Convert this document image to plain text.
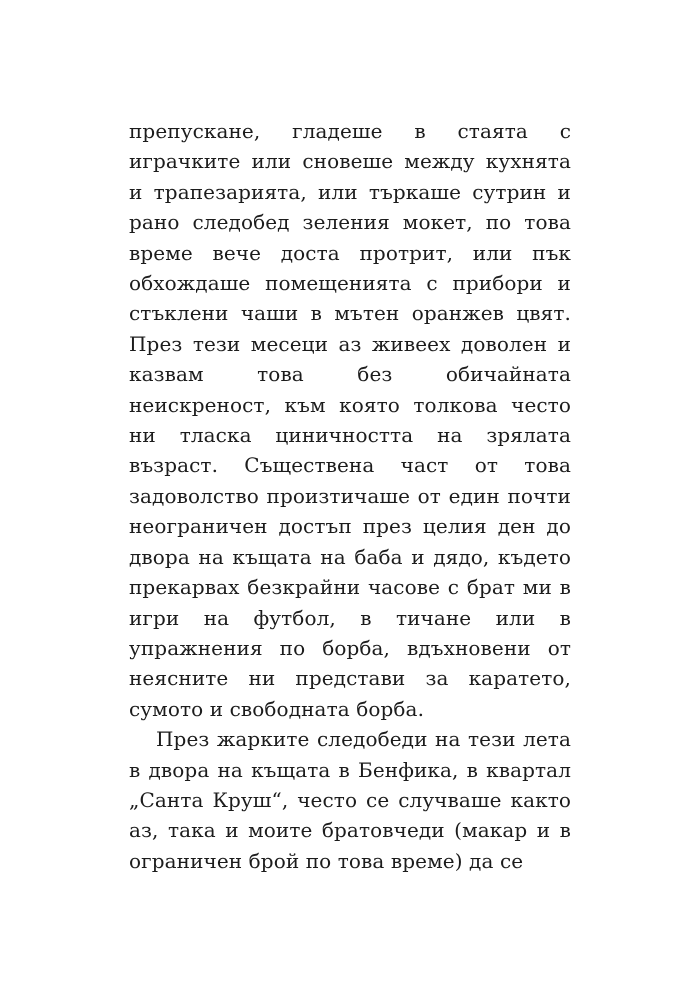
препускане, гладеше в стаята с играчките или сновеше между кухнята и трапезарията, или търкаше сутрин и рано следобед зеления мокет, по това време вече доста протрит, или пък обхождаше помещенията с прибори и стъклени чаши в мътен оранжев цвят. През тези месеци аз живеех доволен и казвам това без обичайната неискреност, към която толкова често ни тласка циничността на зрялата възраст. Съществена част от това задоволство произтичаше от един почти неограничен достъп през целия ден до двора на къщата на баба и дядо, където прекарвах безкрайни часове с брат ми в игри на футбол, в тичане или в упражнения по борба, вдъхновени от неясните ни представи за каратето, сумото и свободната борба.

През жарките следобеди на тези лета в двора на къщата в Бенфика, в квартал „Санта Круш“, често се случваше както аз, така и моите братовчеди (макар и в ограничен брой по това време) да се
